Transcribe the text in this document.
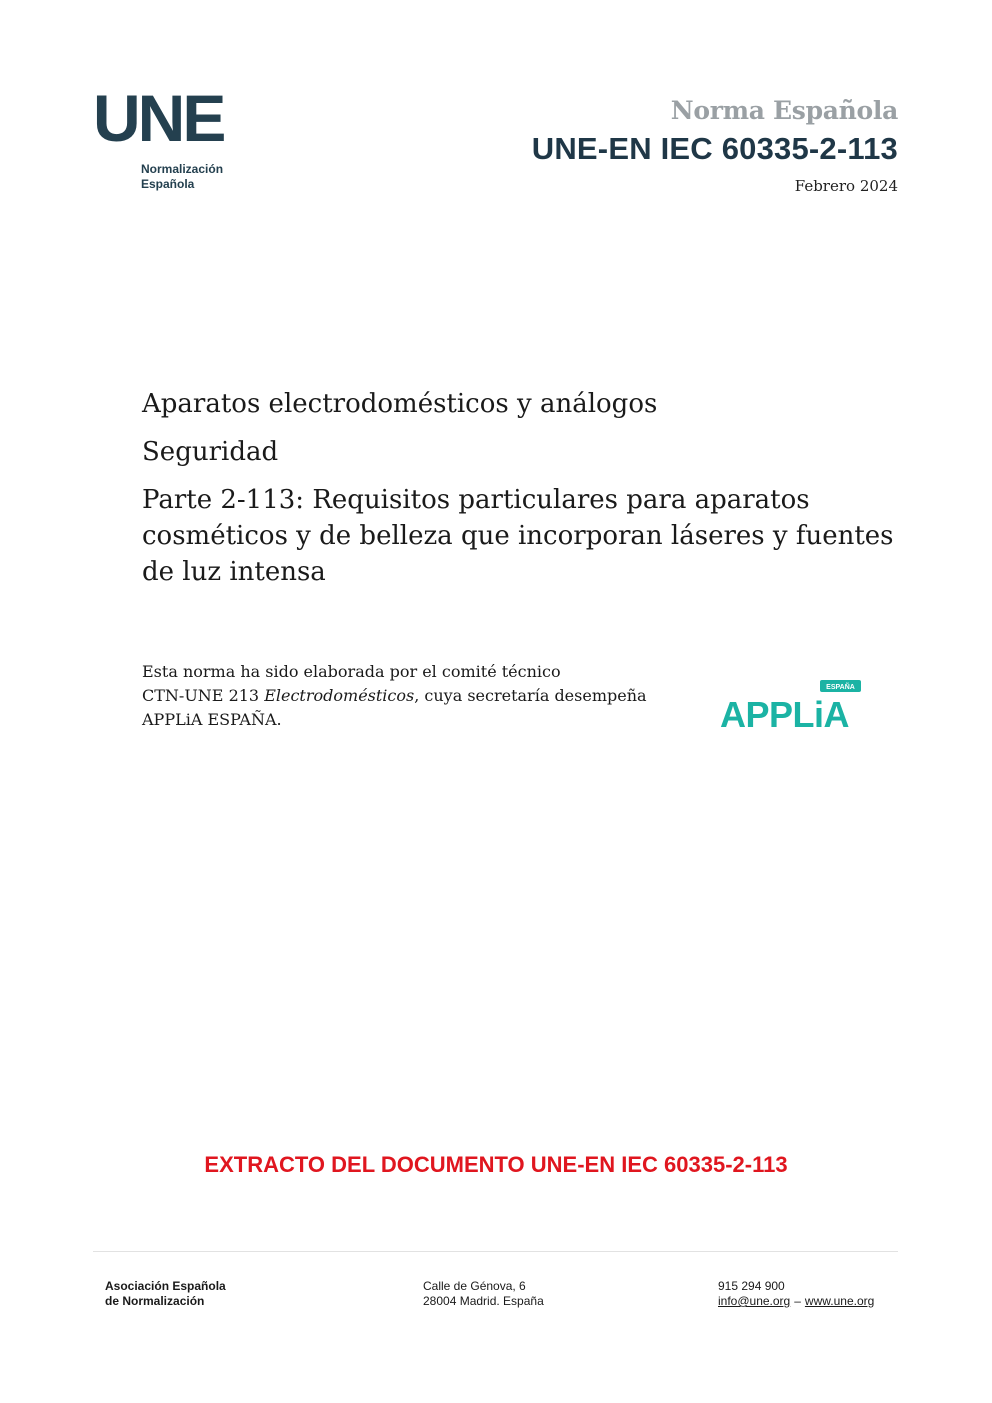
UNE
Normalización
Española
Norma Española
UNE-EN IEC 60335-2-113
Febrero 2024

Aparatos electrodomésticos y análogos

Seguridad

Parte 2-113: Requisitos particulares para aparatos cosméticos y de belleza que incorporan láseres y fuentes de luz intensa

Esta norma ha sido elaborada por el comité técnico
CTN-UNE 213 Electrodomésticos, cuya secretaría desempeña
APPLiA ESPAÑA.
ESPAÑA
APPLiA
EXTRACTO DEL DOCUMENTO UNE-EN IEC 60335-2-113
Asociación Española
de Normalización
Calle de Génova, 6
28004 Madrid. España
915 294 900
info@une.org – www.une.org
